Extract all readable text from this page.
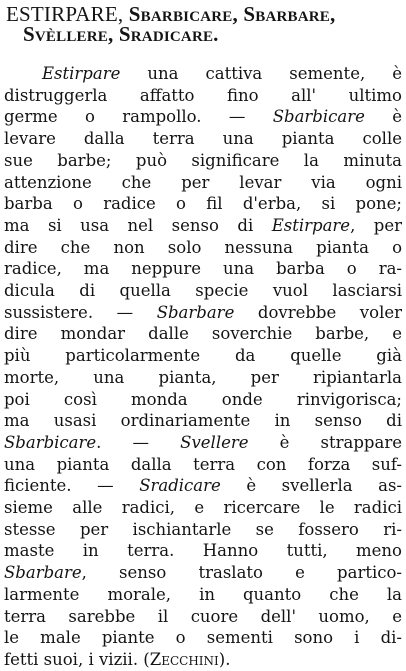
ESTIRPARE, Sbarbicare, Sbarbare,
Svèllere, Sradicare.
Estirpare una cattiva semente, è
distruggerla affatto fino all' ultimo
germe o rampollo. — Sbarbicare è
levare dalla terra una pianta colle
sue barbe; può significare la minuta
attenzione che per levar via ogni
barba o radice o fil d'erba, si pone;
ma si usa nel senso di Estirpare, per
dire che non solo nessuna pianta o
radice, ma neppure una barba o ra-
dicula di quella specie vuol lasciarsi
sussistere. — Sbarbare dovrebbe voler
dire mondar dalle soverchie barbe, e
più particolarmente da quelle già
morte, una pianta, per ripiantarla
poi così monda onde rinvigorisca;
ma usasi ordinariamente in senso di
Sbarbicare. — Svellere è strappare
una pianta dalla terra con forza suf-
ficiente. — Sradicare è svellerla as-
sieme alle radici, e ricercare le radici
stesse per ischiantarle se fossero ri-
maste in terra. Hanno tutti, meno
Sbarbare, senso traslato e partico-
larmente morale, in quanto che la
terra sarebbe il cuore dell' uomo, e
le male piante o sementi sono i di-
fetti suoi, i vizii. (Zecchini).
